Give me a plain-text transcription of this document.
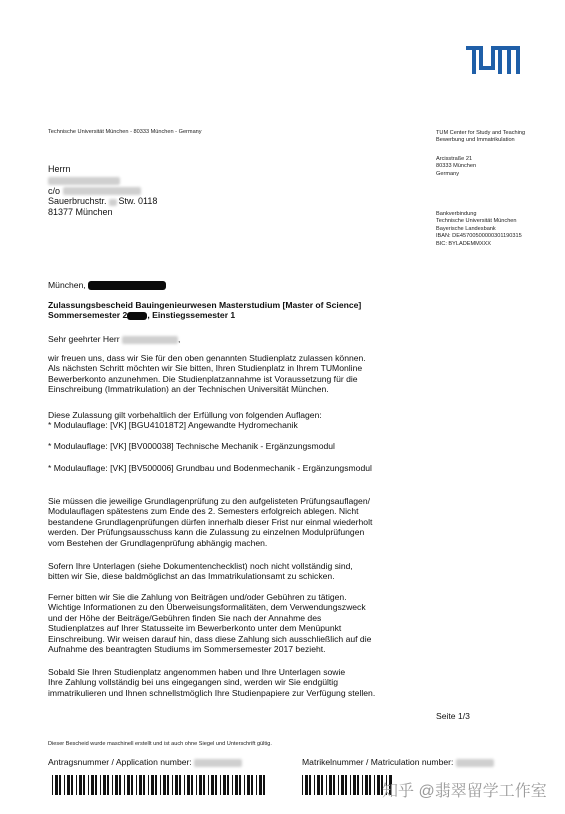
Technische Universität München - 80333 München - Germany	TUM Center for Study and Teaching
Bewerbung und Immatrikulation
Arcisstraße 21
80333 München
Germany
Bankverbindung
Technische Universität München
Bayerische Landesbank
IBAN: DE45700500000301190315
BIC: BYLADEMMXXX
Herrn
c/o
Sauerbruchstr. Stw. 0118
81377 München
München,
Zulassungsbescheid Bauingenieurwesen Masterstudium [Master of Science]
Sommersemester 2 , Einstiegssemester 1
Sehr geehrter Herr	,
wir freuen uns, dass wir Sie für den oben genannten Studienplatz zulassen können.
Als nächsten Schritt möchten wir Sie bitten, Ihren Studienplatz in Ihrem TUMonline
Bewerberkonto anzunehmen. Die Studienplatzannahme ist Voraussetzung für die
Einschreibung (Immatrikulation) an der Technischen Universität München.
Diese Zulassung gilt vorbehaltlich der Erfüllung von folgenden Auflagen:
* Modulauflage: [VK] [BGU41018T2] Angewandte Hydromechanik
* Modulauflage: [VK] [BV000038] Technische Mechanik - Ergänzungsmodul
* Modulauflage: [VK] [BV500006] Grundbau und Bodenmechanik - Ergänzungsmodul
Sie müssen die jeweilige Grundlagenprüfung zu den aufgelisteten Prüfungsauflagen/
Modulauflagen spätestens zum Ende des 2. Semesters erfolgreich ablegen. Nicht
bestandene Grundlagenprüfungen dürfen innerhalb dieser Frist nur einmal wiederholt
werden. Der Prüfungsausschuss kann die Zulassung zu einzelnen Modulprüfungen
vom Bestehen der Grundlagenprüfung abhängig machen.
Sofern Ihre Unterlagen (siehe Dokumentenchecklist) noch nicht vollständig sind,
bitten wir Sie, diese baldmöglichst an das Immatrikulationsamt zu schicken.
Ferner bitten wir Sie die Zahlung von Beiträgen und/oder Gebühren zu tätigen.
Wichtige Informationen zu den Überweisungsformalitäten, dem Verwendungszweck
und der Höhe der Beiträge/Gebühren finden Sie nach der Annahme des
Studienplatzes auf Ihrer Statusseite im Bewerberkonto unter dem Menüpunkt
Einschreibung. Wir weisen darauf hin, dass diese Zahlung sich ausschließlich auf die
Aufnahme des beantragten Studiums im Sommersemester 2017 bezieht.
Sobald Sie Ihren Studienplatz angenommen haben und Ihre Unterlagen sowie
Ihre Zahlung vollständig bei uns eingegangen sind, werden wir Sie endgültig
immatrikulieren und Ihnen schnellstmöglich Ihre Studienpapiere zur Verfügung stellen.
Seite 1/3
Dieser Bescheid wurde maschinell erstellt und ist auch ohne Siegel und Unterschrift gültig.
Antragsnummer / Application number:	Matrikelnummer / Matriculation number:
知乎 @翡翠留学工作室
